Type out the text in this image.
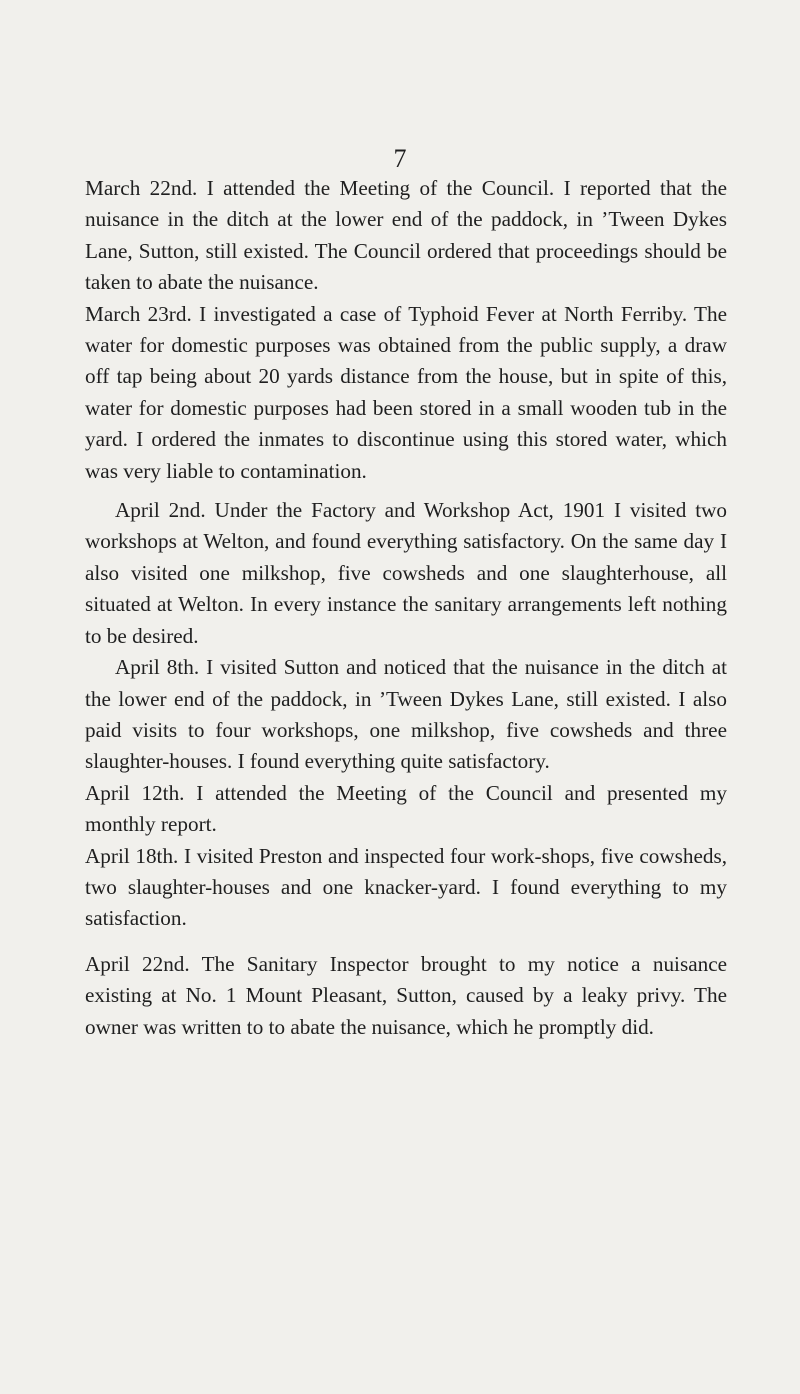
7

March 22nd. I attended the Meeting of the Council. I reported that the nuisance in the ditch at the lower end of the paddock, in ’Tween Dykes Lane, Sutton, still existed. The Council ordered that proceedings should be taken to abate the nuisance.

March 23rd. I investigated a case of Typhoid Fever at North Ferriby. The water for domestic purposes was obtained from the public supply, a draw off tap being about 20 yards distance from the house, but in spite of this, water for domestic purposes had been stored in a small wooden tub in the yard. I ordered the inmates to discontinue using this stored water, which was very liable to contamination.

April 2nd. Under the Factory and Workshop Act, 1901 I visited two workshops at Welton, and found everything satisfactory. On the same day I also visited one milkshop, five cowsheds and one slaughterhouse, all situated at Welton. In every instance the sanitary arrangements left nothing to be desired.

April 8th. I visited Sutton and noticed that the nuisance in the ditch at the lower end of the paddock, in ’Tween Dykes Lane, still existed. I also paid visits to four workshops, one milkshop, five cowsheds and three slaughter-houses. I found everything quite satisfactory.

April 12th. I attended the Meeting of the Council and presented my monthly report.

April 18th. I visited Preston and inspected four work-shops, five cowsheds, two slaughter-houses and one knacker-yard. I found everything to my satisfaction.

April 22nd. The Sanitary Inspector brought to my notice a nuisance existing at No. 1 Mount Pleasant, Sutton, caused by a leaky privy. The owner was written to to abate the nuisance, which he promptly did.
